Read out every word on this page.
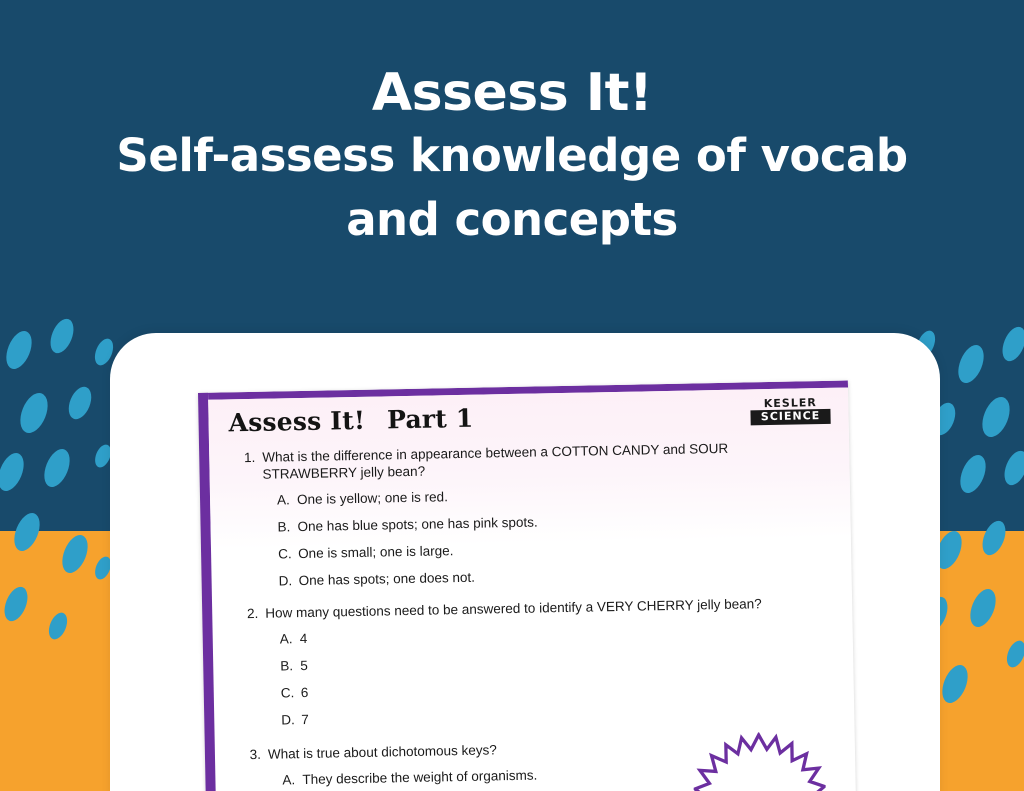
Assess It!
Self-assess knowledge of vocab
and concepts
Assess It! Part 1
KESLER
SCIENCE
1. What is the difference in appearance between a COTTON CANDY and SOUR STRAWBERRY jelly bean?
A. One is yellow; one is red.
B. One has blue spots; one has pink spots.
C. One is small; one is large.
D. One has spots; one does not.
2. How many questions need to be answered to identify a VERY CHERRY jelly bean?
A. 4
B. 5
C. 6
D. 7
3. What is true about dichotomous keys?
A. They describe the weight of organisms.
